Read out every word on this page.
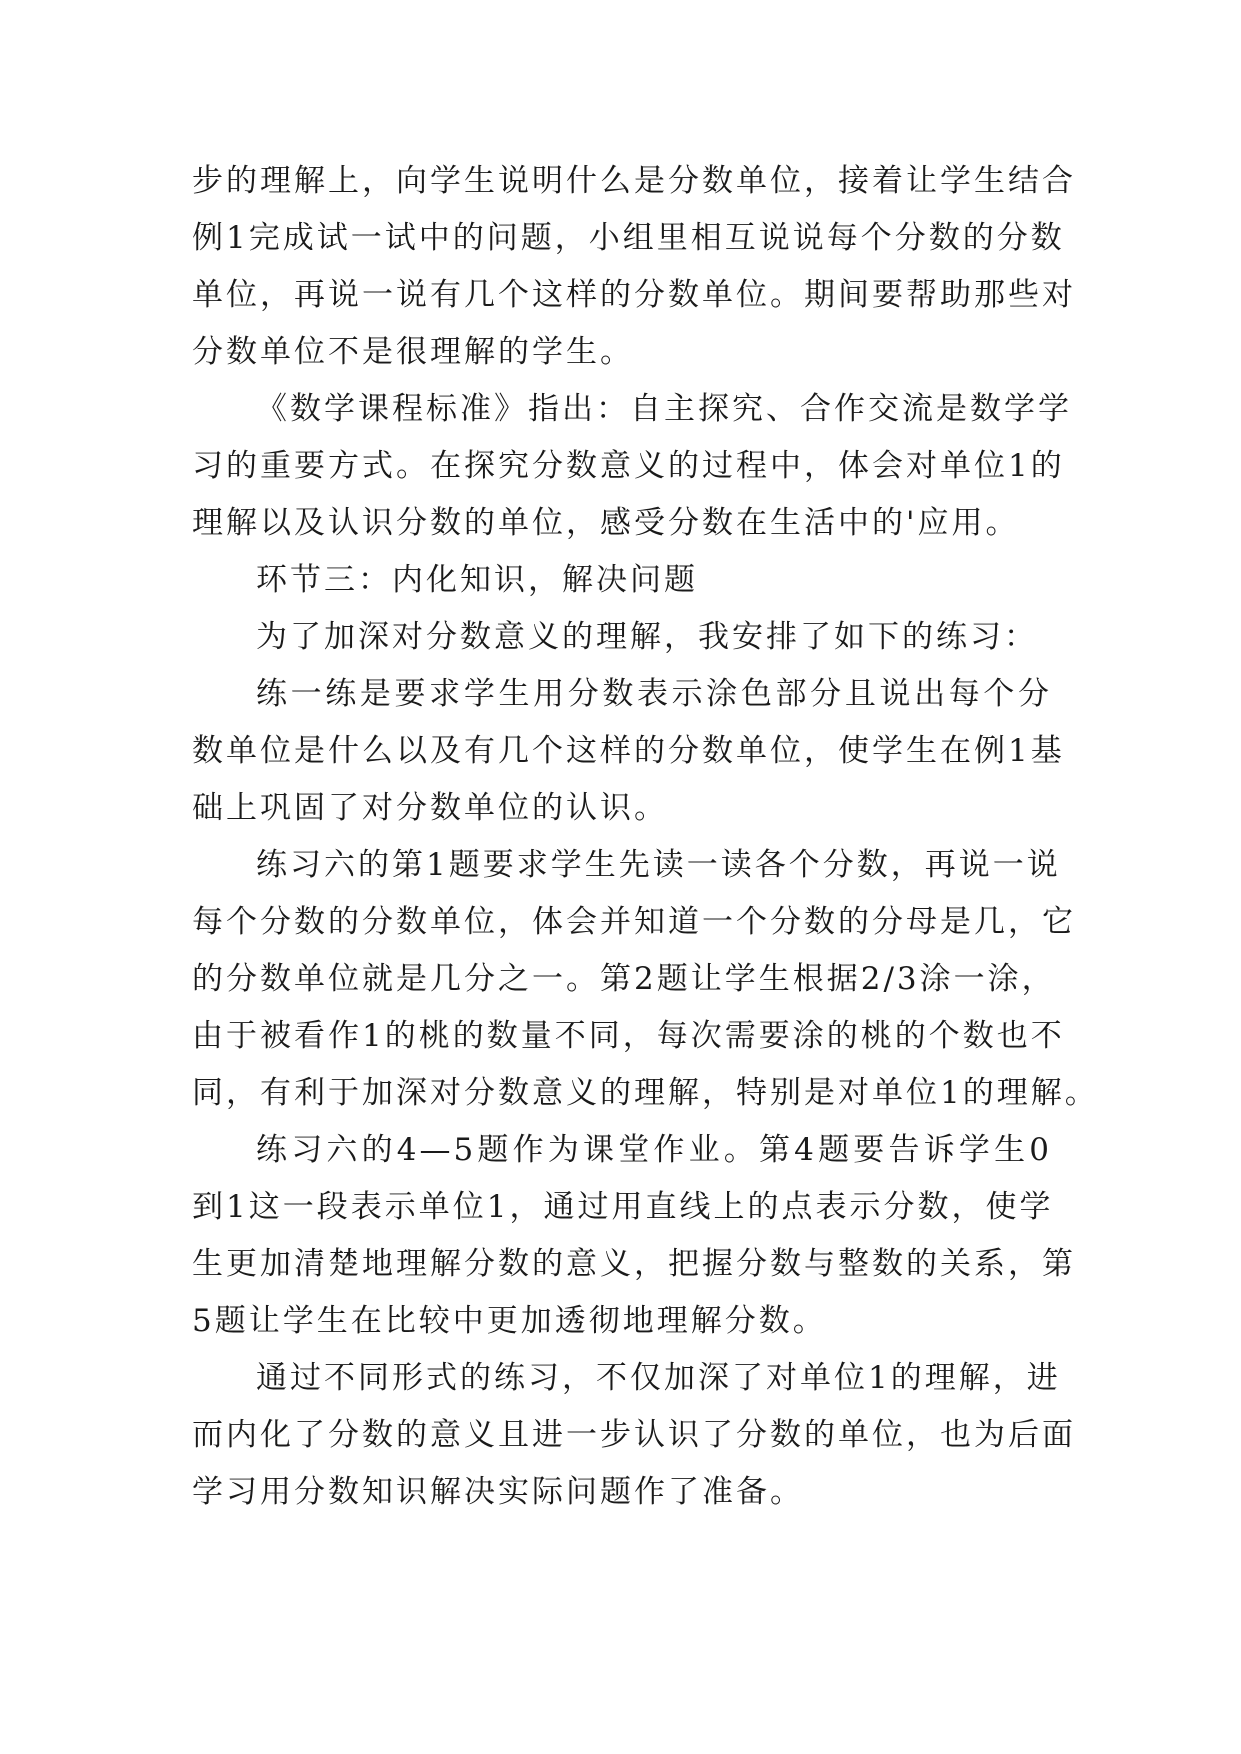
步的理解上，向学生说明什么是分数单位，接着让学生结合
例1完成试一试中的问题，小组里相互说说每个分数的分数
单位，再说一说有几个这样的分数单位。期间要帮助那些对
分数单位不是很理解的学生。
《数学课程标准》指出：自主探究、合作交流是数学学
习的重要方式。在探究分数意义的过程中，体会对单位1的
理解以及认识分数的单位，感受分数在生活中的'应用。
环节三：内化知识，解决问题
为了加深对分数意义的理解，我安排了如下的练习：
练一练是要求学生用分数表示涂色部分且说出每个分
数单位是什么以及有几个这样的分数单位，使学生在例1基
础上巩固了对分数单位的认识。
练习六的第1题要求学生先读一读各个分数，再说一说
每个分数的分数单位，体会并知道一个分数的分母是几，它
的分数单位就是几分之一。第2题让学生根据2/3涂一涂，
由于被看作1的桃的数量不同，每次需要涂的桃的个数也不
同，有利于加深对分数意义的理解，特别是对单位1的理解。
练习六的4—5题作为课堂作业。第4题要告诉学生0
到1这一段表示单位1，通过用直线上的点表示分数，使学
生更加清楚地理解分数的意义，把握分数与整数的关系，第
5题让学生在比较中更加透彻地理解分数。
通过不同形式的练习，不仅加深了对单位1的理解，进
而内化了分数的意义且进一步认识了分数的单位，也为后面
学习用分数知识解决实际问题作了准备。
